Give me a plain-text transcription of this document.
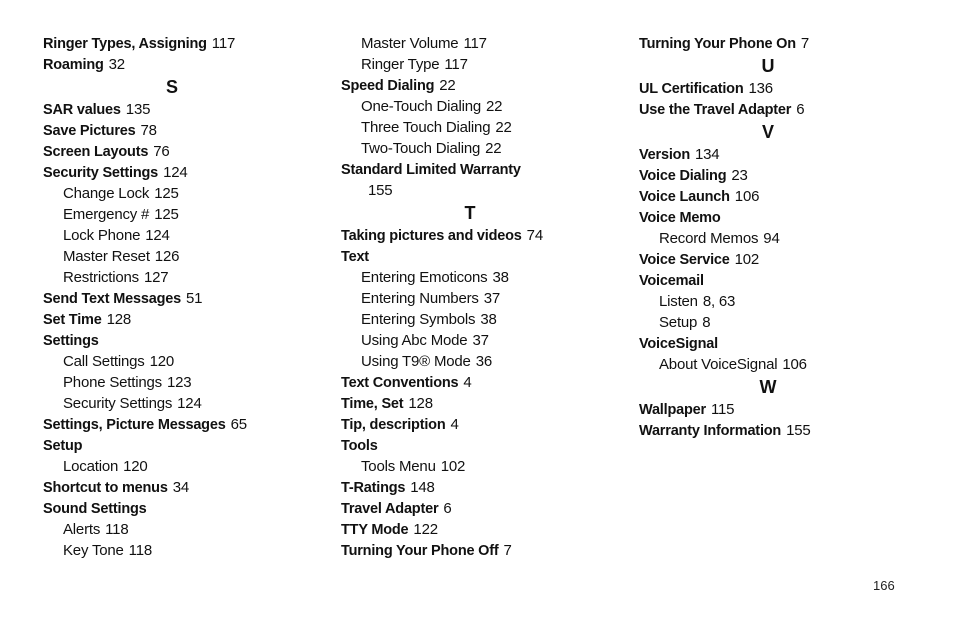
Ringer Types, Assigning 117
Roaming 32
S
SAR values 135
Save Pictures 78
Screen Layouts 76
Security Settings 124
Change Lock 125
Emergency # 125
Lock Phone 124
Master Reset 126
Restrictions 127
Send Text Messages 51
Set Time 128
Settings
Call Settings 120
Phone Settings 123
Security Settings 124
Settings, Picture Messages 65
Setup
Location 120
Shortcut to menus 34
Sound Settings
Alerts 118
Key Tone 118
Master Volume 117
Ringer Type 117
Speed Dialing 22
One-Touch Dialing 22
Three Touch Dialing 22
Two-Touch Dialing 22
Standard Limited Warranty
155
T
Taking pictures and videos 74
Text
Entering Emoticons 38
Entering Numbers 37
Entering Symbols 38
Using Abc Mode 37
Using T9® Mode 36
Text Conventions 4
Time, Set 128
Tip, description 4
Tools
Tools Menu 102
T-Ratings 148
Travel Adapter 6
TTY Mode 122
Turning Your Phone Off 7
Turning Your Phone On 7
U
UL Certification 136
Use the Travel Adapter 6
V
Version 134
Voice Dialing 23
Voice Launch 106
Voice Memo
Record Memos 94
Voice Service 102
Voicemail
Listen 8, 63
Setup 8
VoiceSignal
About VoiceSignal 106
W
Wallpaper 115
Warranty Information 155
166
